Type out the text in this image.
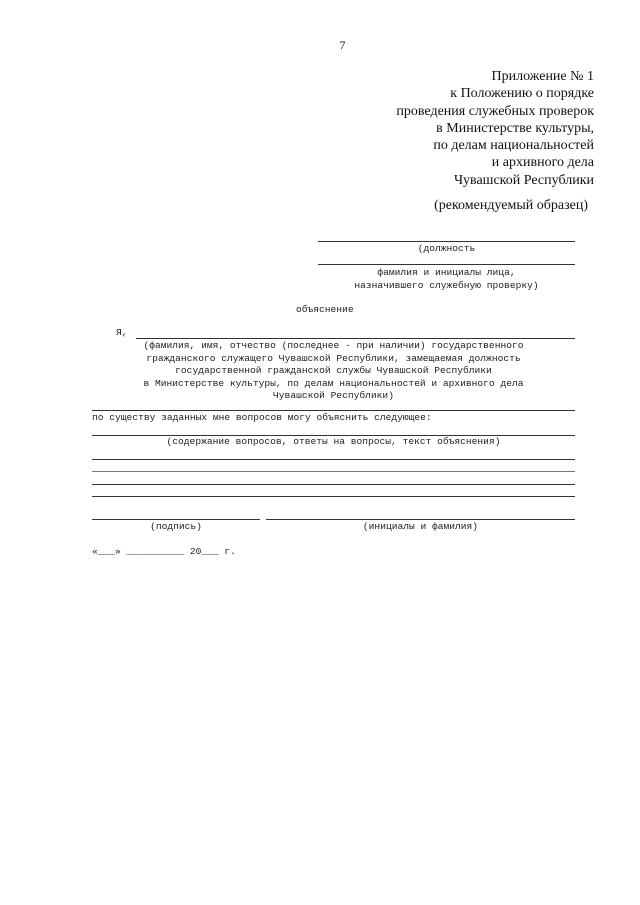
7
Приложение № 1
к Положению о порядке
проведения служебных проверок
в Министерстве культуры,
по делам национальностей
и архивного дела
Чувашской Республики
(рекомендуемый образец)
(должность
фамилия и инициалы лица,
назначившего служебную проверку)
объяснение
Я,
(фамилия, имя, отчество (последнее - при наличии) государственного
гражданского служащего Чувашской Республики, замещаемая должность
государственной гражданской службы Чувашской Республики
в Министерстве культуры, по делам национальностей и архивного дела
Чувашской Республики)
по существу заданных мне вопросов могу объяснить следующее:
(содержание вопросов, ответы на вопросы, текст объяснения)
(подпись)	(инициалы и фамилия)
«___» __________ 20___ г.
